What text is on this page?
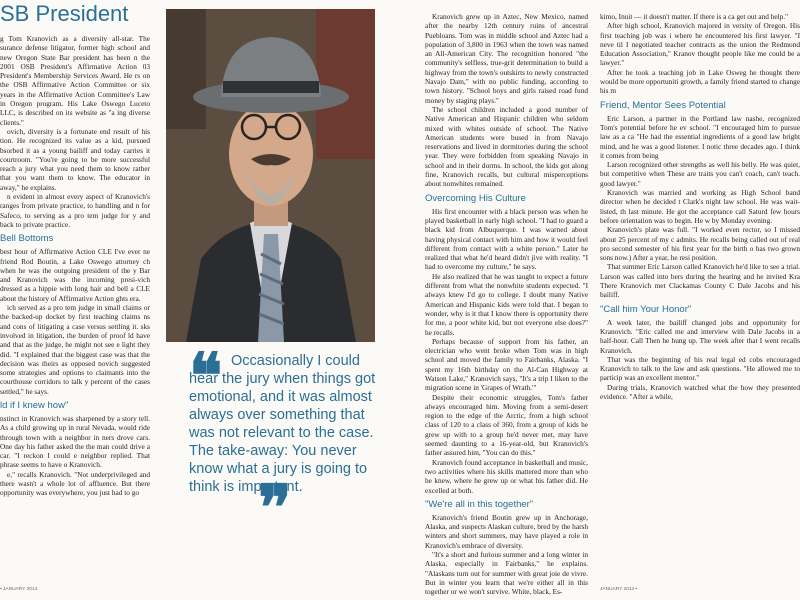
SB President

g Tom Kranovich as a diversity all-star. The surance defense litigator, former high school and new Oregon State Bar president has been n the 2001 OSB President's Affirmative Action 03 President's Membership Services Award. He rs on the OSB Affirmative Action Committee or six years in the Affirmative Action Committee's Law in Oregon program. His Lake Oswego Luceto LLC, is described on its website as "a ing diverse clients."

ovich, diversity is a fortunate end result of his tion. He recognized its value as a kid, pursued bsorbed it as a young bailiff and today carries it courtroom. "You're going to be more successful reach a jury what you need them to know rather that you want them to know. The educator in away," he explains.

n evident in almost every aspect of Kranovich's ranges from private practice, to handling and n for Safeco, to serving as a pro tem judge for y and back to private practice.

Bell Bottoms

best hour of Affirmative Action CLE I've ever ne friend Rod Boutin, a Lake Oswego attorney ch when he was the outgoing president of the y Bar and Kranovich was the incoming presi-vich dressed as a hippie with long hair and bell a CLE about the history of Affirmative Action ghts era.

ich served as a pro tem judge in small claims or the backed-up docket by first teaching claims ns and cons of litigating a case versus settling it. sks involved in litigation, the burden of proof ld have and that as the judge, he might not see e light they did. "I explained that the biggest case was that the decision was theirs as opposed novich suggested some strategies and options to claimants into the courthouse corridors to talk y percent of the cases settled," he says.

ld if I knew how"

nstinct in Kranovich was sharpened by a story tell. As a child growing up in rural Nevada, would ride through town with a neighbor in ners drove cars. One day his father asked the the man could drive a car. "I reckon I could e neighbor replied. That phrase seems to have o Kranovich.

e," recalls Kranovich. "Not underprivileged and there wasn't a whole lot of affluence. But there opportunity was everywhere, you just had to go

❝ Occasionally I could hear the jury when things got emotional, and it was almost always over something that was not relevant to the case. The take-away: You never know what a jury is going to think is important.
❞

Kranovich grew up in Aztec, New Mexico, named after the nearby 12th century ruins of ancestral Puebloans. Tom was in middle school and Aztec had a population of 3,800 in 1963 when the town was named an All-American City. The recognition honored "the community's selfless, true-grit determination to build a highway from the town's outskirts to newly constructed Navajo Dam," with no public funding, according to town history. "School boys and girls raised road fund money by staging plays."

The school children included a good number of Native American and Hispanic children who seldom mixed with whites outside of school. The Native American students were bused in from Navajo reservations and lived in dormitories during the school year. They were forbidden from speaking Navajo in school and in their dorms. In school, the kids got along fine, Kranovich recalls, but cultural misperceptions about nonwhites remained.

Overcoming His Culture

His first encounter with a black person was when he played basketball in early high school. "I had to guard a black kid from Albuquerque. I was warned about having physical contact with him and how it would feel different from contact with a white person." Later he realized that what he'd heard didn't jive with reality. "I had to overcome my culture," he says.

He also realized that he was taught to expect a future different from what the nonwhite students expected. "I always knew I'd go to college. I doubt many Native American and Hispanic kids were told that. I began to wonder, why is it that I know there is opportunity there for me, a poor white kid, but not everyone else does?" he recalls.

Perhaps because of support from his father, an electrician who went broke when Tom was in high school and moved the family to Fairbanks, Alaska. "I spent my 16th birthday on the Al-Can Highway at Watson Lake," Kranovich says, "It's a trip I liken to the migration scene in 'Grapes of Wrath.'"

Despite their economic struggles, Tom's father always encouraged him. Moving from a semi-desert region to the edge of the Arctic, from a high school class of 120 to a class of 360, from a group of kids he grew up with to a group he'd never met, may have seemed daunting to a 16-year-old, but Kranovich's father assured him, "You can do this."

Kranovich found acceptance in basketball and music, two activities where his skills mattered more than who he knew, where he grew up or what his father did. He excelled at both.

"We're all in this together"

Kranovich's friend Boutin grew up in Anchorage, Alaska, and suspects Alaskan culture, bred by the harsh winters and short summers, may have played a role in Kranovich's embrace of diversity.

"It's a short and furious summer and a long winter in Alaska, especially in Fairbanks," he explains. "Alaskans turn out for summer with great joie de vivre. But in winter you learn that we're either all in this together or we won't survive. White, black, Es-

kimo, Inuit — it doesn't matter. If there is a ca get out and help."

After high school, Kranovich majored in versity of Oregon. His first teaching job was i where he encountered his first lawyer. "I neve til I negotiated teacher contracts as the union the Redmond Education Association," Kranov thought people like me could be a lawyer."

After he took a teaching job in Lake Osweg he thought there would be more opportuniti growth, a family friend started to change his m

Friend, Mentor Sees Potential

Eric Larson, a partner in the Portland law nashe, recognized Tom's potential before he ev school. "I encouraged him to pursue law as a ca "He had the essential ingredients of a good law bright mind, and he was a good listener. I notic three decades ago. I think it comes from being

Larson recognized other strengths as well his belly. He was quiet, but competitive when These are traits you can't coach, can't teach. good lawyer."

Kranovich was married and working as High School band director when he decided t Clark's night law school. He was wait-listed, th last minute. He got the acceptance call Saturd few hours before orientation was to begin. He w by Monday evening.

Kranovich's plate was full. "I worked even rector, so I missed about 25 percent of my c admits. He recalls being called out of real pro second semester of his first year for the birth o has two grown sons now.) After a year, he resi position.

That summer Eric Larson called Kranovich he'd like to see a trial. Larson was called into bers during the hearing and he invited Kra There Kranovich met Clackamas County C Dale Jacobs and his bailiff.

"Call him Your Honor"

A week later, the bailiff changed jobs and opportunity for Kranovich. "Eric called me and interview with Dale Jacobs in a half-hour. Call Then he hung up. The week after that I went recalls Kranovich.

That was the beginning of his real legal ed cobs encouraged Kranovich to talk to the law and ask questions. "He allowed me to particip was an excellent mentor."

During trials, Kranovich watched what the how they presented evidence. "After a while,

▪ JANUARY 2014	JANUARY 2014 ▪
